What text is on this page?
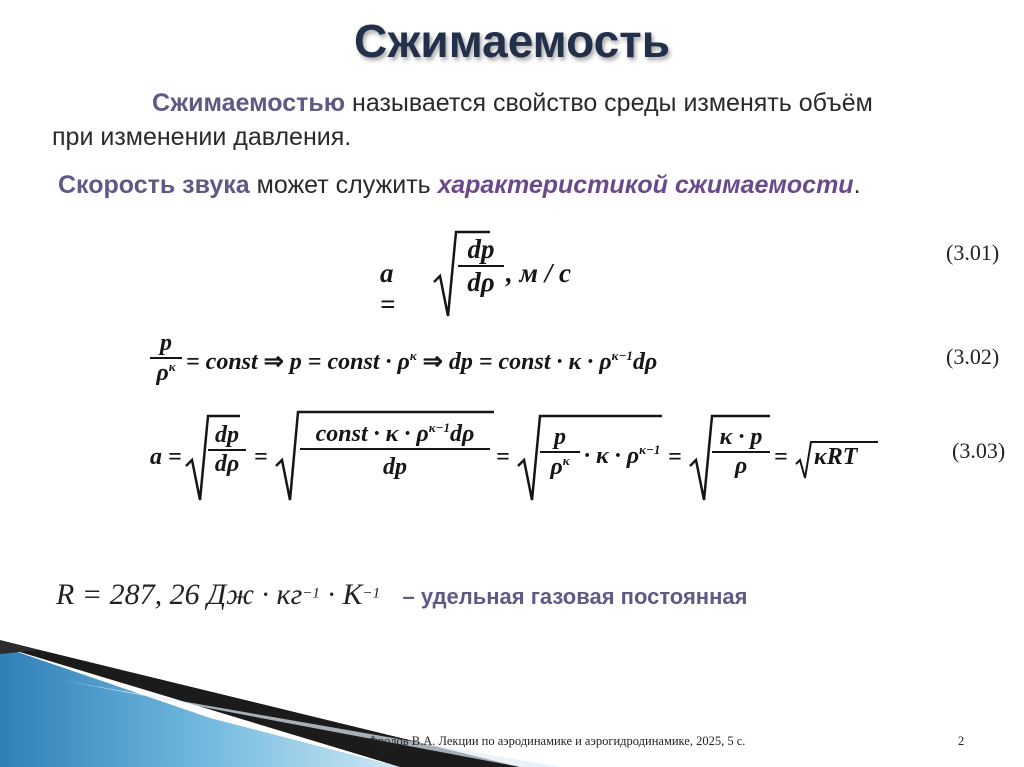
Сжимаемость
Сжимаемостью называется свойство среды изменять объём
при изменении давления.
Скорость звука может служить характеристикой сжимаемости.
a =
$\frac{dp}{d\rho}$ , м / с
(3.01)
p
$\rho^\kappa$ = const ⇒ p = const · $\rho^\kappa$ ⇒ dp = const · $\kappa \cdot \rho^{\kappa-1}d\rho$	(3.02)
$a = \frac{dp}{d\rho}$ =
const · $\kappa \cdot \rho^{\kappa-1}d\rho$
dp	=
p
$\rho^\kappa \cdot \kappa \cdot \rho^{\kappa-1} = \frac{\kappa \cdot p}{\rho} = \kappa RT$	(3.03)
R = 287, 26 Дж · $кг^{-1} \cdot K^{-1}$ – удельная газовая постоянная
Фролов В.А. Лекции по аэродинамике и аэрогидродинамике, 2025, 5 с.	2
